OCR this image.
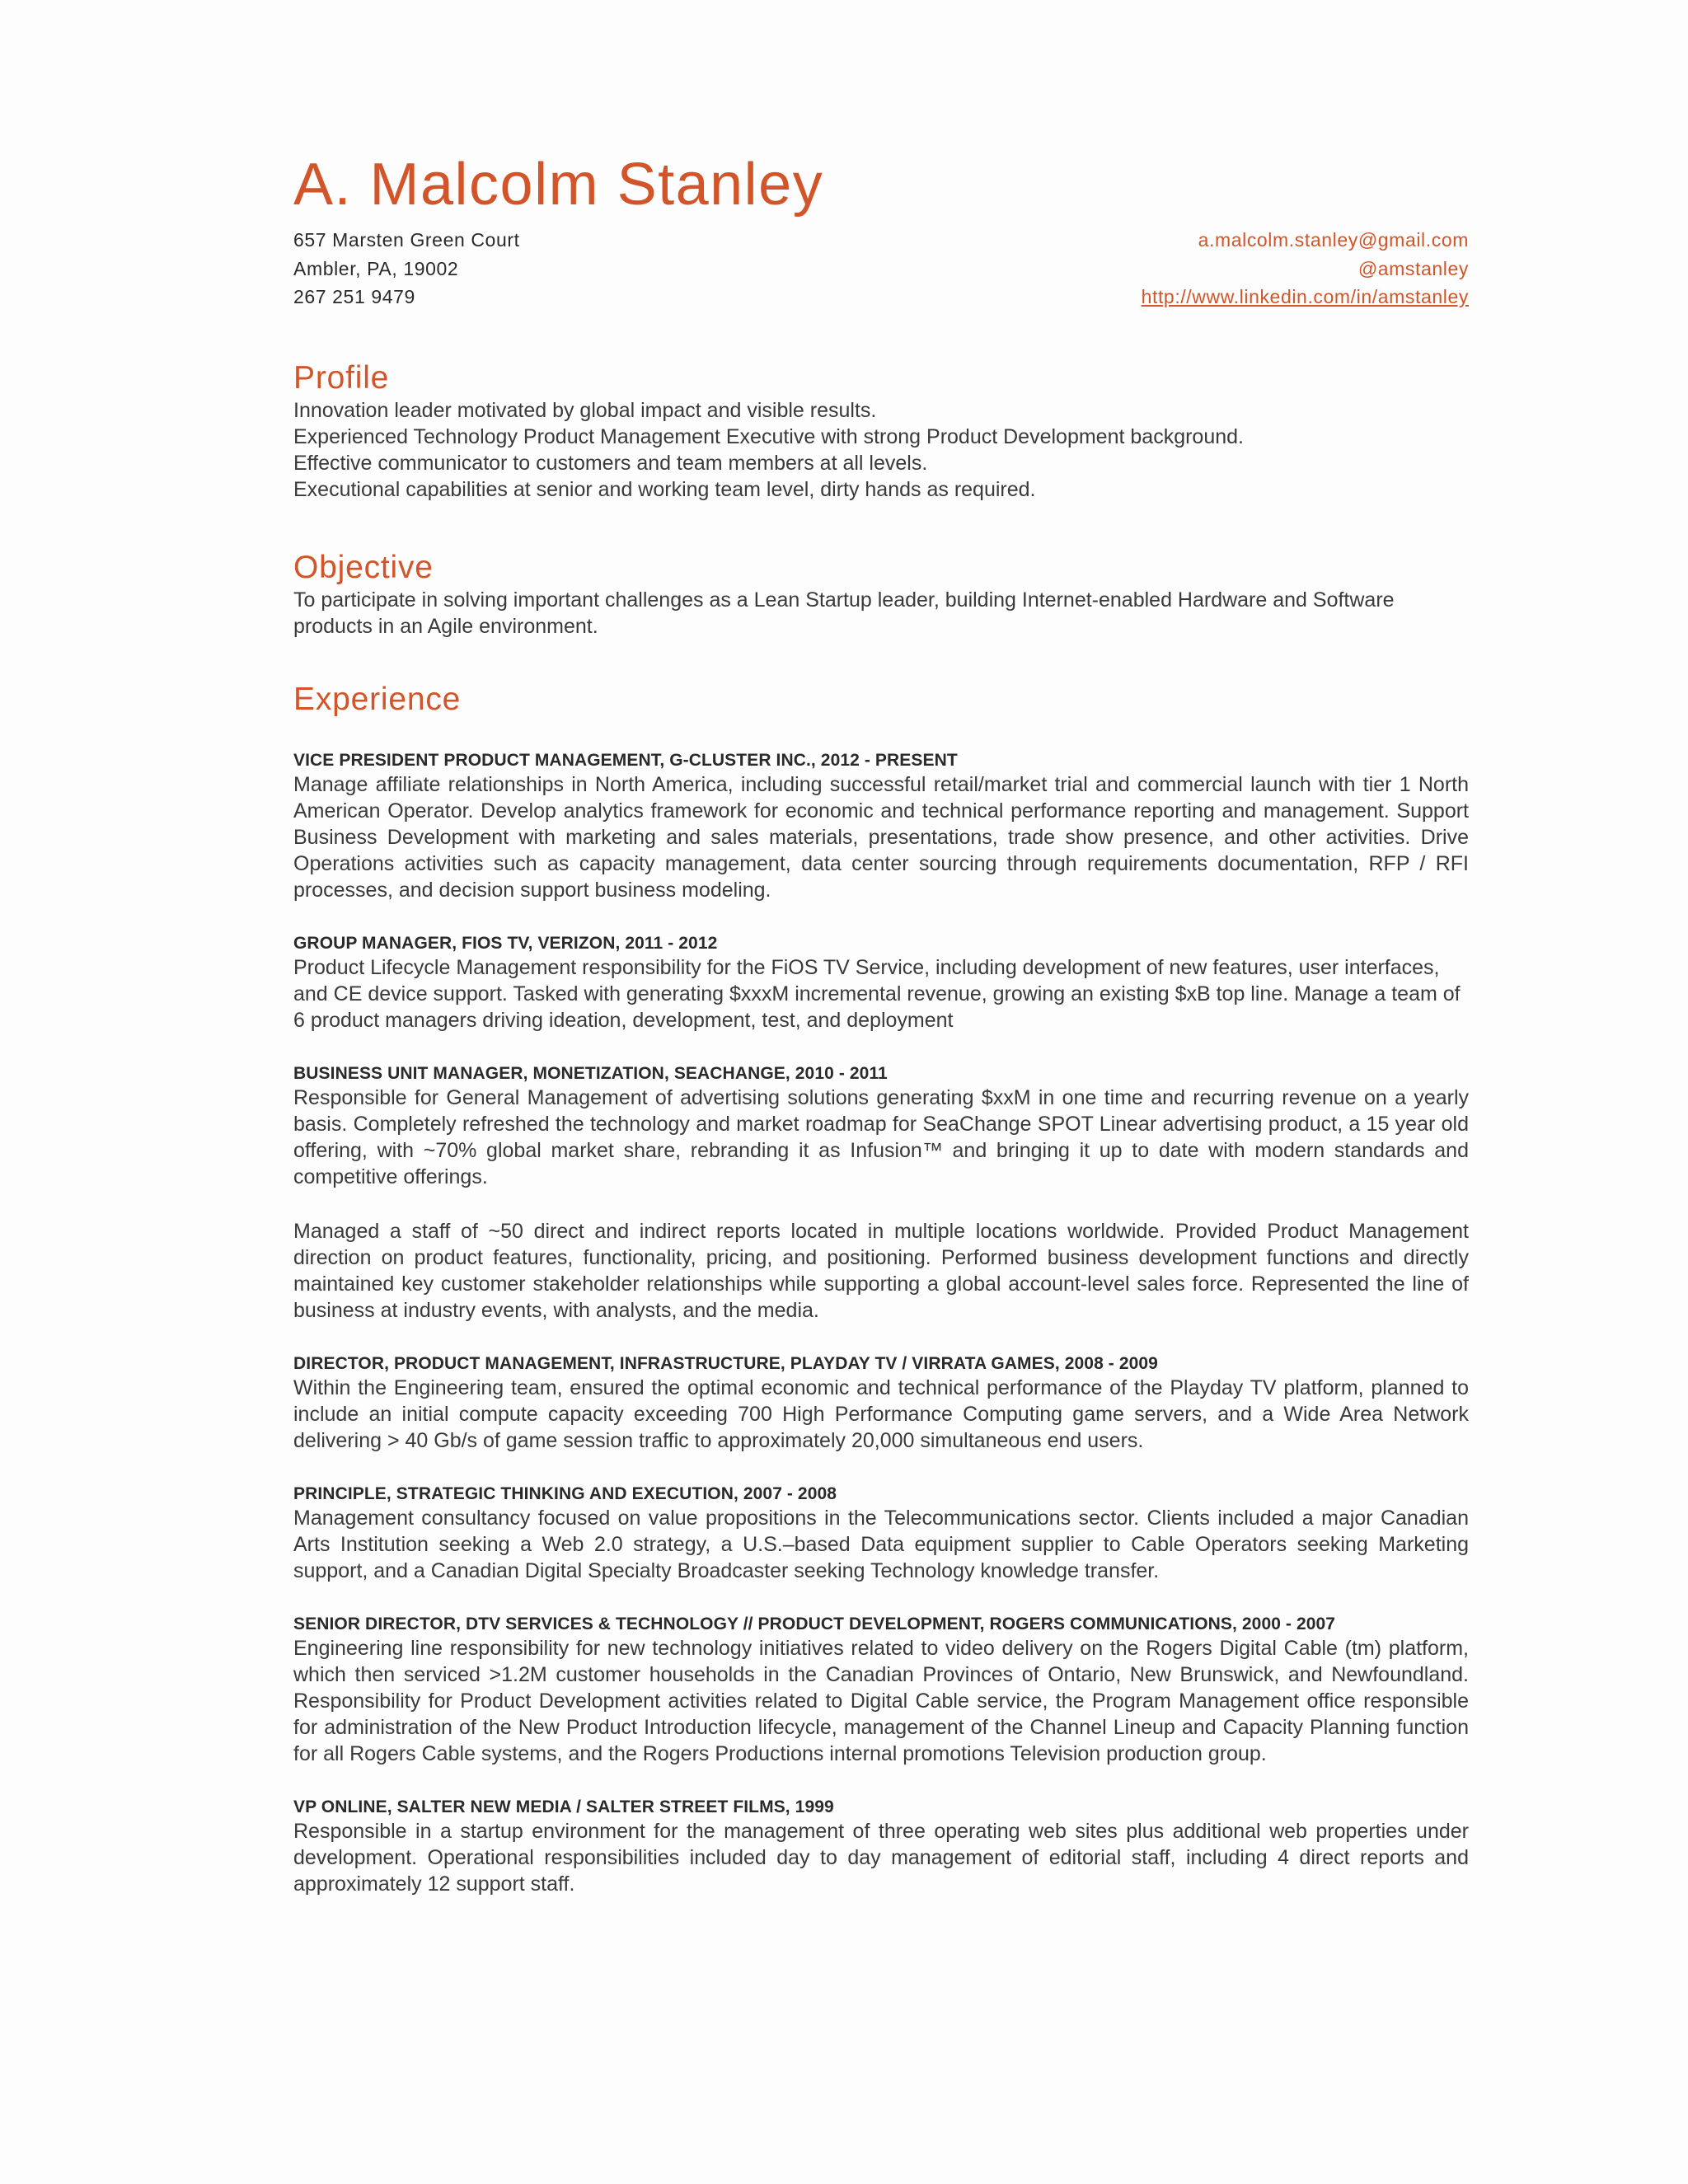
A. Malcolm Stanley
657 Marsten Green Court
Ambler, PA, 19002
267 251 9479
a.malcolm.stanley@gmail.com
@amstanley
http://www.linkedin.com/in/amstanley
Profile
Innovation leader motivated by global impact and visible results.
Experienced Technology Product Management Executive with strong Product Development background.
Effective communicator to customers and team members at all levels.
Executional capabilities at senior and working team level, dirty hands as required.
Objective
To participate in solving important challenges as a Lean Startup leader, building Internet-enabled Hardware and Software products in an Agile environment.
Experience
VICE PRESIDENT PRODUCT MANAGEMENT, G-CLUSTER INC., 2012 - PRESENT
Manage affiliate relationships in North America, including successful retail/market trial and commercial launch with tier 1 North American Operator. Develop analytics framework for economic and technical performance reporting and management. Support Business Development with marketing and sales materials, presentations, trade show presence, and other activities. Drive Operations activities such as capacity management, data center sourcing through requirements documentation, RFP / RFI processes, and decision support business modeling.
GROUP MANAGER, FIOS TV, VERIZON, 2011 - 2012
Product Lifecycle Management responsibility for the FiOS TV Service, including development of new features, user interfaces, and CE device support. Tasked with generating $xxxM incremental revenue, growing an existing $xB top line. Manage a team of 6 product managers driving ideation, development, test, and deployment
BUSINESS UNIT MANAGER, MONETIZATION, SEACHANGE, 2010 - 2011
Responsible for General Management of advertising solutions generating $xxM in one time and recurring revenue on a yearly basis. Completely refreshed the technology and market roadmap for SeaChange SPOT Linear advertising product, a 15 year old offering, with ~70% global market share, rebranding it as Infusion™ and bringing it up to date with modern standards and competitive offerings.
Managed a staff of ~50 direct and indirect reports located in multiple locations worldwide. Provided Product Management direction on product features, functionality, pricing, and positioning. Performed business development functions and directly maintained key customer stakeholder relationships while supporting a global account-level sales force. Represented the line of business at industry events, with analysts, and the media.
DIRECTOR, PRODUCT MANAGEMENT, INFRASTRUCTURE, PLAYDAY TV / VIRRATA GAMES, 2008 - 2009
Within the Engineering team, ensured the optimal economic and technical performance of the Playday TV platform, planned to include an initial compute capacity exceeding 700 High Performance Computing game servers, and a Wide Area Network delivering > 40 Gb/s of game session traffic to approximately 20,000 simultaneous end users.
PRINCIPLE, STRATEGIC THINKING AND EXECUTION, 2007 - 2008
Management consultancy focused on value propositions in the Telecommunications sector. Clients included a major Canadian Arts Institution seeking a Web 2.0 strategy, a U.S.–based Data equipment supplier to Cable Operators seeking Marketing support, and a Canadian Digital Specialty Broadcaster seeking Technology knowledge transfer.
SENIOR DIRECTOR, DTV SERVICES & TECHNOLOGY // PRODUCT DEVELOPMENT, ROGERS COMMUNICATIONS, 2000 - 2007
Engineering line responsibility for new technology initiatives related to video delivery on the Rogers Digital Cable (tm) platform, which then serviced >1.2M customer households in the Canadian Provinces of Ontario, New Brunswick, and Newfoundland. Responsibility for Product Development activities related to Digital Cable service, the Program Management office responsible for administration of the New Product Introduction lifecycle, management of the Channel Lineup and Capacity Planning function for all Rogers Cable systems, and the Rogers Productions internal promotions Television production group.
VP ONLINE, SALTER NEW MEDIA / SALTER STREET FILMS, 1999
Responsible in a startup environment for the management of three operating web sites plus additional web properties under development. Operational responsibilities included day to day management of editorial staff, including 4 direct reports and approximately 12 support staff.
